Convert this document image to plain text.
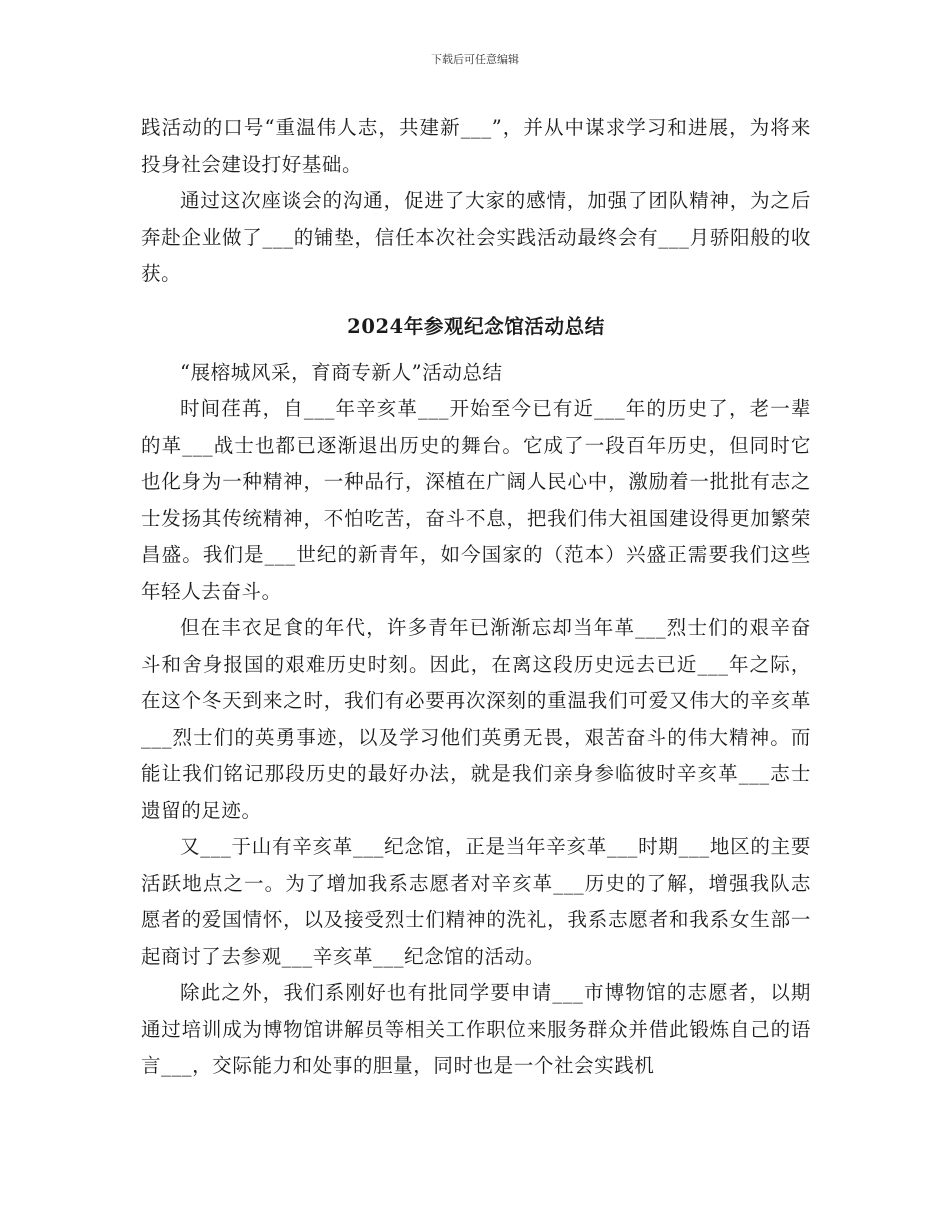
下载后可任意编辑

践活动的口号“重温伟人志，共建新___”，并从中谋求学习和进展，为将来投身社会建设打好基础。

通过这次座谈会的沟通，促进了大家的感情，加强了团队精神，为之后奔赴企业做了___的铺垫，信任本次社会实践活动最终会有___月骄阳般的收获。

2024年参观纪念馆活动总结

“展榕城风采，育商专新人”活动总结

时间荏苒，自___年辛亥革___开始至今已有近___年的历史了，老一辈的革___战士也都已逐渐退出历史的舞台。它成了一段百年历史，但同时它也化身为一种精神，一种品行，深植在广阔人民心中，激励着一批批有志之士发扬其传统精神，不怕吃苦，奋斗不息，把我们伟大祖国建设得更加繁荣昌盛。我们是___世纪的新青年，如今国家的（范本）兴盛正需要我们这些年轻人去奋斗。

但在丰衣足食的年代，许多青年已渐渐忘却当年革___烈士们的艰辛奋斗和舍身报国的艰难历史时刻。因此，在离这段历史远去已近___年之际，在这个冬天到来之时，我们有必要再次深刻的重温我们可爱又伟大的辛亥革___烈士们的英勇事迹，以及学习他们英勇无畏，艰苦奋斗的伟大精神。而能让我们铭记那段历史的最好办法，就是我们亲身参临彼时辛亥革___志士遗留的足迹。

又___于山有辛亥革___纪念馆，正是当年辛亥革___时期___地区的主要活跃地点之一。为了增加我系志愿者对辛亥革___历史的了解，增强我队志愿者的爱国情怀，以及接受烈士们精神的洗礼，我系志愿者和我系女生部一起商讨了去参观___辛亥革___纪念馆的活动。

除此之外，我们系刚好也有批同学要申请___市博物馆的志愿者，以期通过培训成为博物馆讲解员等相关工作职位来服务群众并借此锻炼自己的语言___，交际能力和处事的胆量，同时也是一个社会实践机
